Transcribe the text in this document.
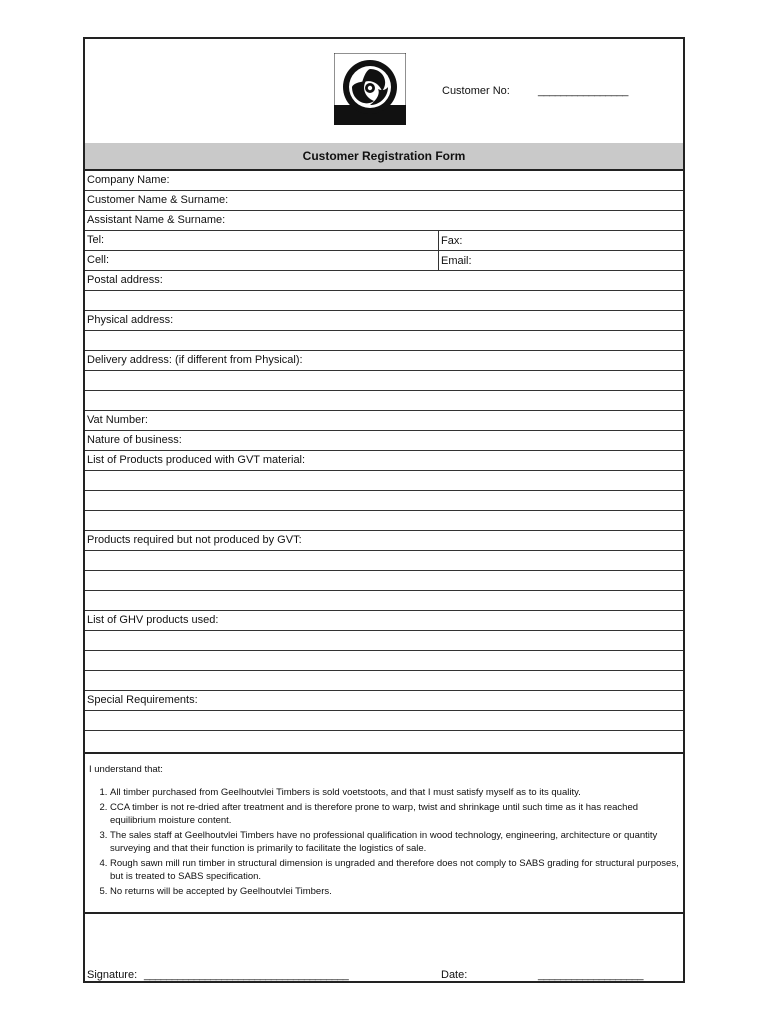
Customer No:	________________
Customer Registration Form
Company Name:
Customer Name & Surname:
Assistant Name & Surname:
Tel:	Fax:
Cell:	Email:
Postal address:
Physical address:
Delivery address: (if different from Physical):
Vat Number:
Nature of business:
List of Products produced with GVT material:
Products required but not produced by GVT:
List of GHV products used:
Special Requirements:
I understand that:
1. All timber purchased from Geelhoutvlei Timbers is sold voetstoots, and that I must satisfy myself as to its quality.
2. CCA timber is not re-dried after treatment and is therefore prone to warp, twist and shrinkage until such time as it has reached equilibrium moisture content.
3. The sales staff at Geelhoutvlei Timbers have no professional qualification in wood technology, engineering, architecture or quantity surveying and that their function is primarily to facilitate the logistics of sale.
4. Rough sawn mill run timber in structural dimension is ungraded and therefore does not comply to SABS grading for structural purposes, but is treated to SABS specification.
5. No returns will be accepted by Geelhoutvlei Timbers.
Signature: _____________________________________	Date:	___________________
